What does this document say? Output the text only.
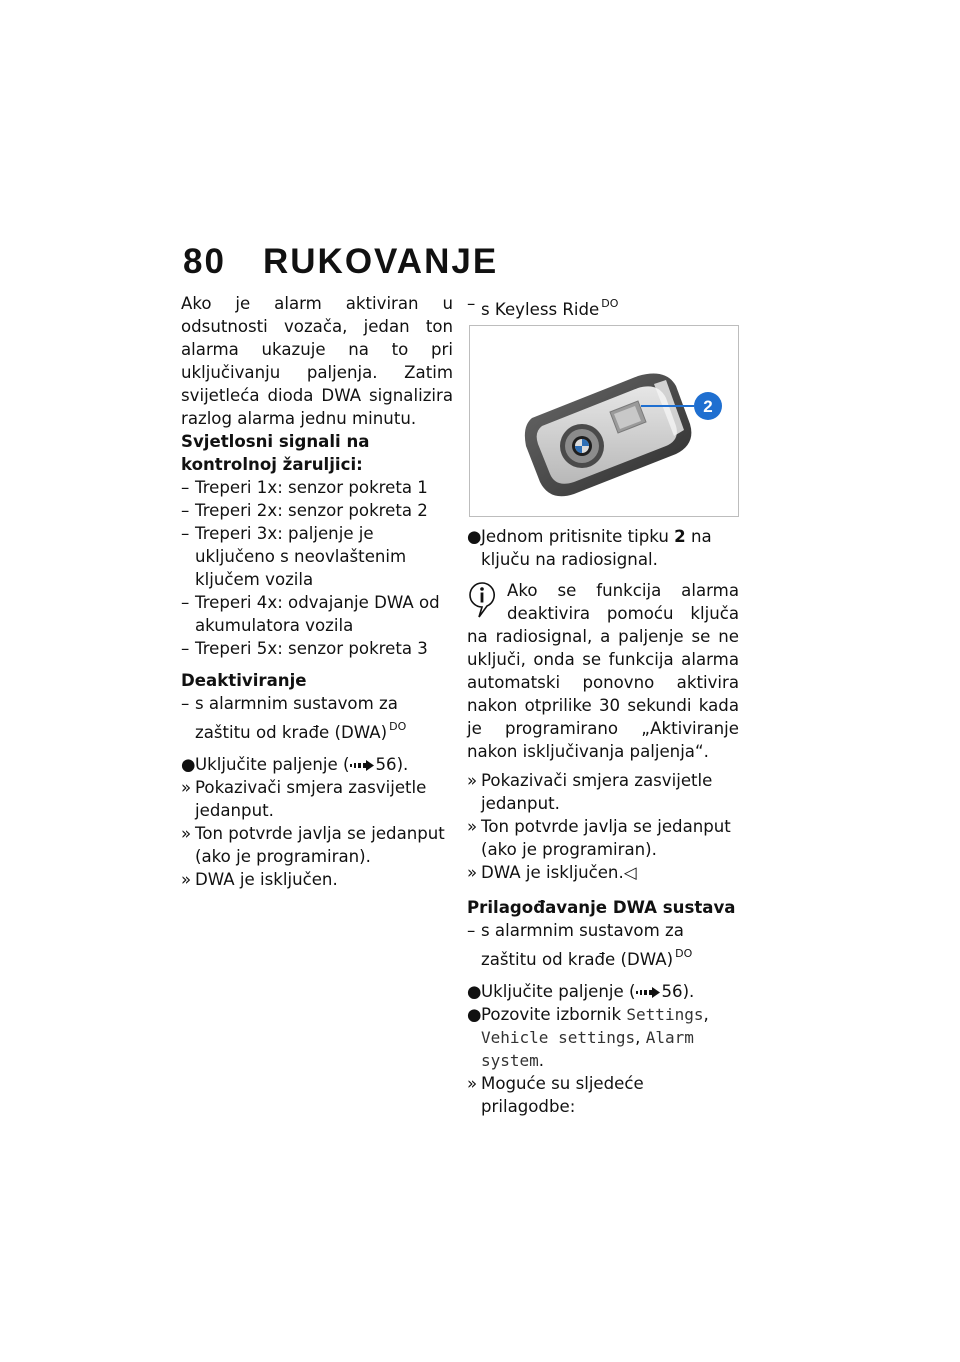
80 RUKOVANJE

Ako je alarm aktiviran u odsutnosti vozača, jedan ton alarma ukazuje na to pri uključivanju paljenja. Zatim svijetleća dioda DWA signalizira razlog alarma jednu minutu.

Svjetlosni signali na kontrolnoj žaruljici:

– Treperi 1x: senzor pokreta 1
– Treperi 2x: senzor pokreta 2
– Treperi 3x: paljenje je uključeno s neovlaštenim ključem vozila
– Treperi 4x: odvajanje DWA od akumulatora vozila
– Treperi 5x: senzor pokreta 3

Deaktiviranje

– s alarmnim sustavom za zaštitu od krađe (DWA) $^{DO}$
● Uključite paljenje ( 56).
» Pokazivači smjera zasvijetle jedanput.
» Ton potvrde javlja se jedanput (ako je programiran).
» DWA je isključen.
– s Keyless Ride $^{DO}$
2
● Jednom pritisnite tipku 2 na ključu na radiosignal.

Ako se funkcija alarma deaktivira pomoću ključa na radiosignal, a paljenje se ne uključi, onda se funkcija alarma automatski ponovno aktivira nakon otprilike 30 sekundi kada je programirano „Aktiviranje nakon isključivanja paljenja“.

» Pokazivači smjera zasvijetle jedanput.
» Ton potvrde javlja se jedanput (ako je programiran).
» DWA je isključen.◁

Prilagođavanje DWA sustava

– s alarmnim sustavom za zaštitu od krađe (DWA) $^{DO}$
● Uključite paljenje ( 56).
● Pozovite izbornik Settings, Vehicle settings, Alarm system.
» Moguće su sljedeće prilagodbe:
